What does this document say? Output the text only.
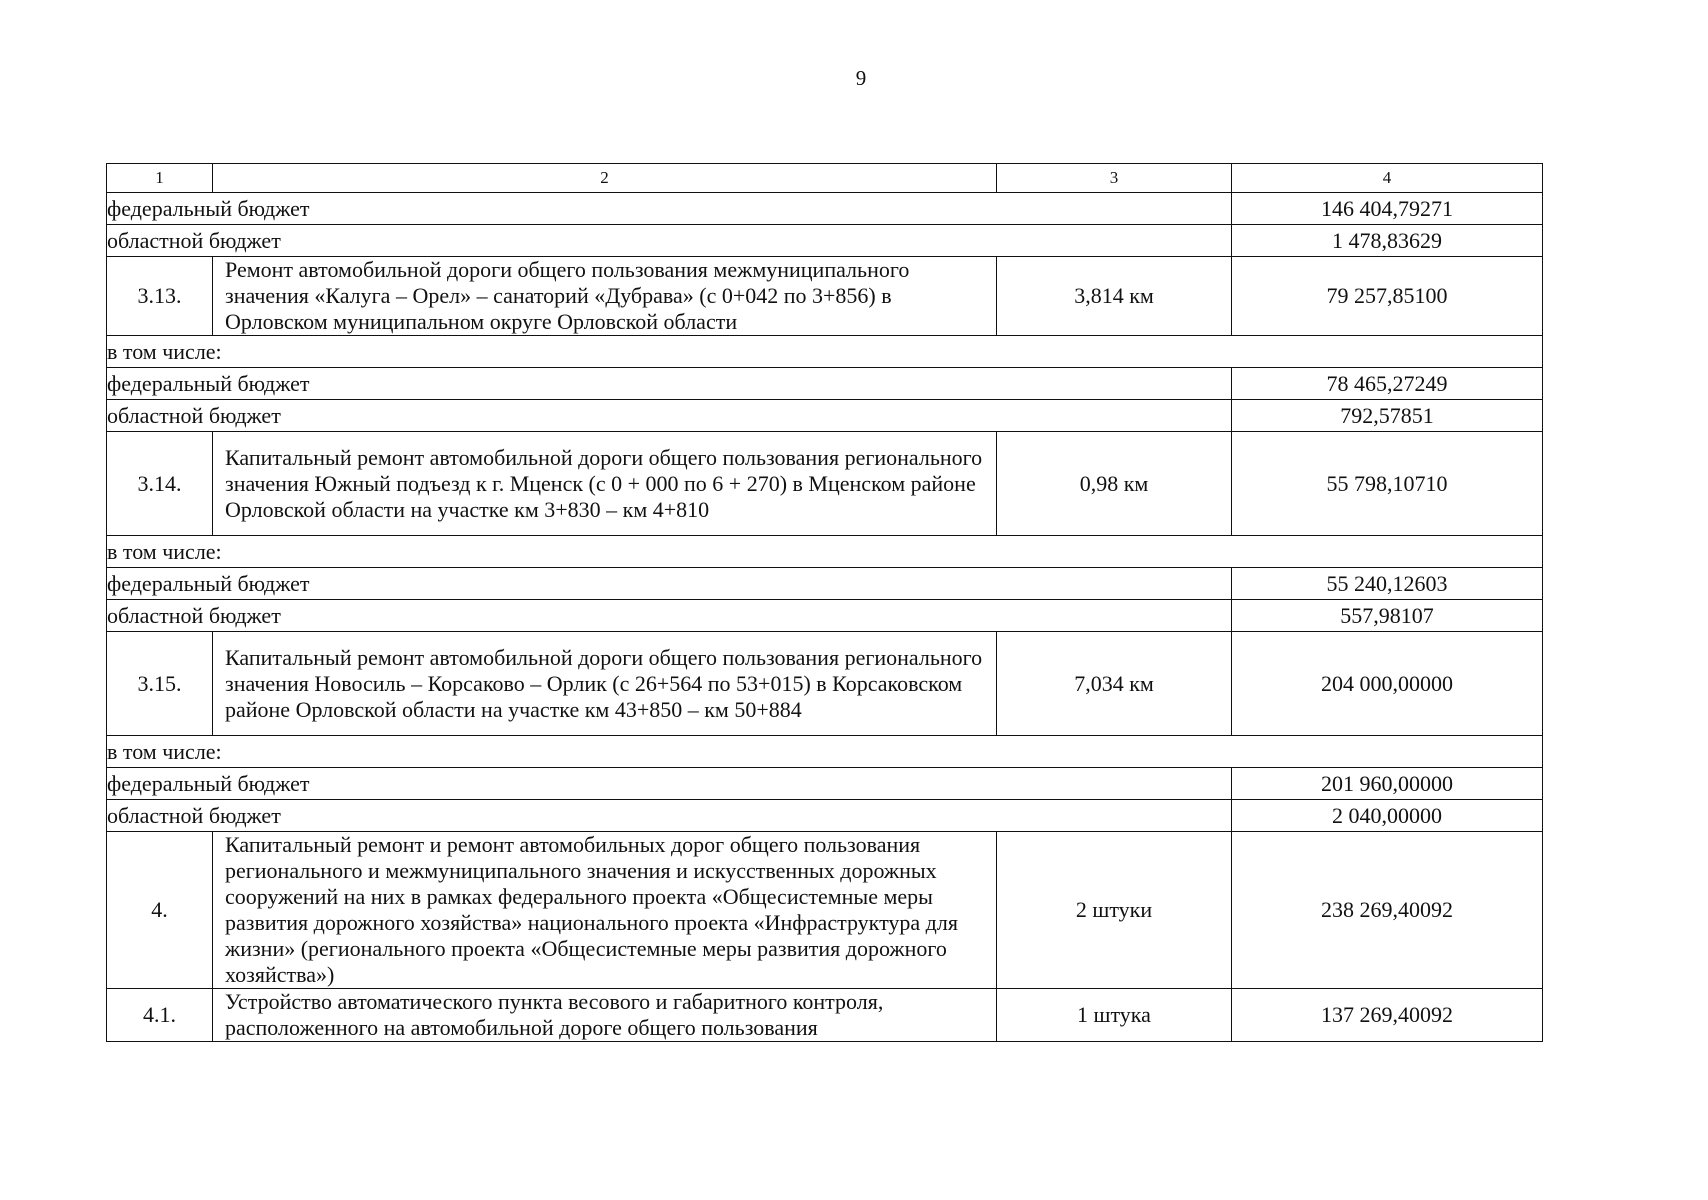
9
1	2	3	4
федеральный бюджет			146 404,79271
областной бюджет			1 478,83629
3.13.	Ремонт автомобильной дороги общего пользования межмуниципального значения «Калуга – Орел» – санаторий «Дубрава» (с 0+042 по 3+856) в Орловском муниципальном округе Орловской области	3,814 км	79 257,85100
в том числе:			
федеральный бюджет			78 465,27249
областной бюджет			792,57851
3.14.	Капитальный ремонт автомобильной дороги общего пользования регионального значения Южный подъезд к г. Мценск (с 0 + 000 по 6 + 270) в Мценском районе Орловской области на участке км 3+830 – км 4+810	0,98 км	55 798,10710
в том числе:			
федеральный бюджет			55 240,12603
областной бюджет			557,98107
3.15.	Капитальный ремонт автомобильной дороги общего пользования регионального значения Новосиль – Корсаково – Орлик (с 26+564 по 53+015) в Корсаковском районе Орловской области на участке км 43+850 – км 50+884	7,034 км	204 000,00000
в том числе:			
федеральный бюджет			201 960,00000
областной бюджет			2 040,00000
4.	Капитальный ремонт и ремонт автомобильных дорог общего пользования регионального и межмуниципального значения и искусственных дорожных сооружений на них в рамках федерального проекта «Общесистемные меры развития дорожного хозяйства» национального проекта «Инфраструктура для жизни» (регионального проекта «Общесистемные меры развития дорожного хозяйства»)	2 штуки	238 269,40092
4.1.	Устройство автоматического пункта весового и габаритного контроля, расположенного на автомобильной дороге общего пользования	1 штука	137 269,40092
